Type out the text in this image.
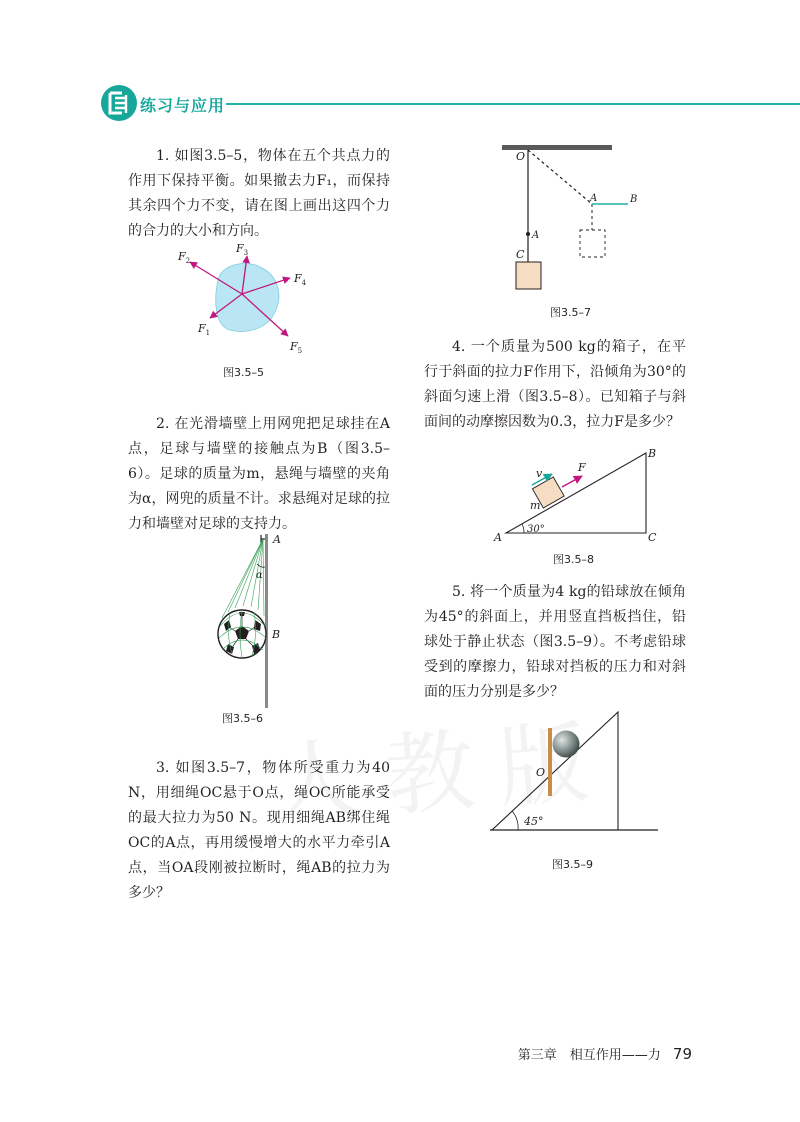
练习与应用

1. 如图3.5–5，物体在五个共点力的作用下保持平衡。如果撤去力F₁，而保持其余四个力不变，请在图上画出这四个力的合力的大小和方向。

$F_1$
$F_2$
$F_3$
$F_4$
$F_5$
图3.5–5

2. 在光滑墙壁上用网兜把足球挂在A点，足球与墙壁的接触点为B（图3.5–6）。足球的质量为m，悬绳与墙壁的夹角为α，网兜的质量不计。求悬绳对足球的拉力和墙壁对足球的支持力。

A
α
B
图3.5–6

3. 如图3.5–7，物体所受重力为40 N，用细绳OC悬于O点，绳OC所能承受的最大拉力为50 N。现用细绳AB绑住绳OC的A点，再用缓慢增大的水平力牵引A点，当OA段刚被拉断时，绳AB的拉力为多少？

O
A
C
A	B
图3.5–7

4. 一个质量为500 kg的箱子，在平行于斜面的拉力F作用下，沿倾角为30°的斜面匀速上滑（图3.5–8）。已知箱子与斜面间的动摩擦因数为0.3，拉力F是多少？

v	F
m
A
B
C
30°
图3.5–8

5. 将一个质量为4 kg的铅球放在倾角为45°的斜面上，并用竖直挡板挡住，铅球处于静止状态（图3.5–9）。不考虑铅球受到的摩擦力，铅球对挡板的压力和对斜面的压力分别是多少？

O
45°
图3.5–9
第三章　相互作用——力 79
